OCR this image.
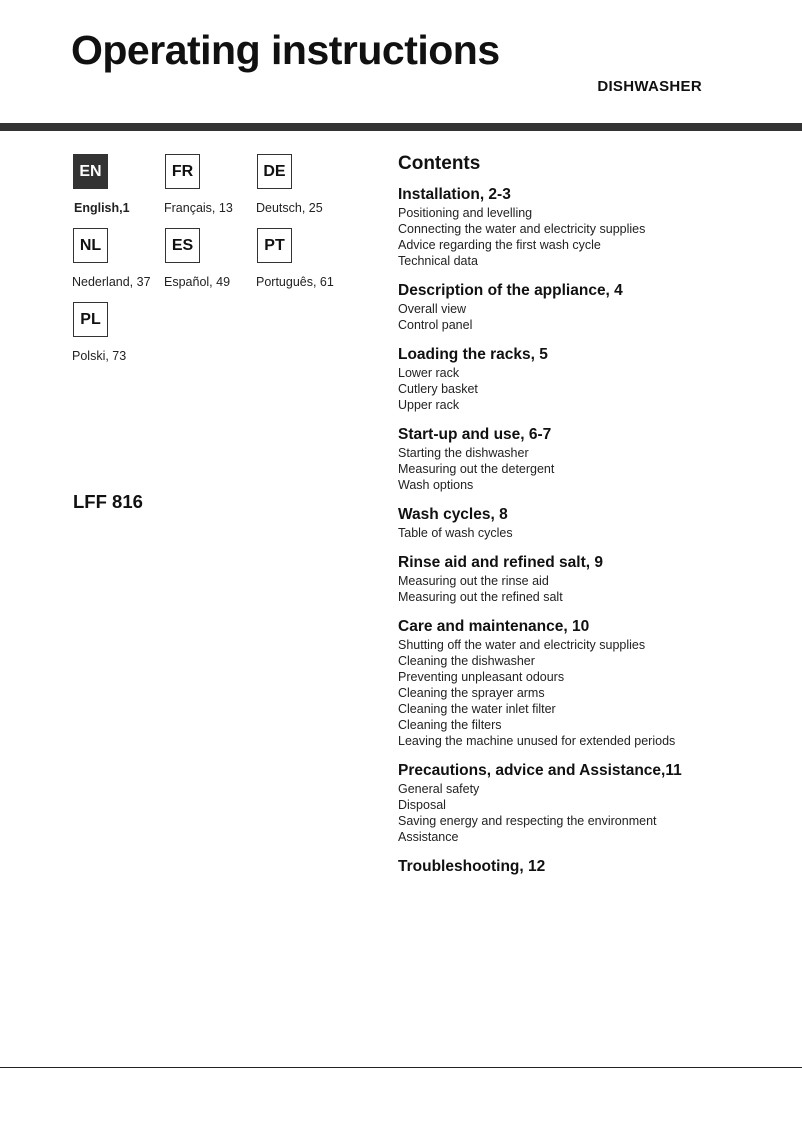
Operating instructions
DISHWASHER
EN
English,1
FR
Français, 13
DE
Deutsch, 25
NL
Nederland, 37
ES
Español, 49
PT
Português, 61
PL
Polski, 73
LFF 816
Contents
Installation, 2-3
Positioning and levelling
Connecting the water and electricity supplies
Advice regarding the first wash cycle
Technical data
Description of the appliance, 4
Overall view
Control panel
Loading the racks, 5
Lower rack
Cutlery basket
Upper rack
Start-up and use, 6-7
Starting the dishwasher
Measuring out the detergent
Wash options
Wash cycles, 8
Table of wash cycles
Rinse aid and refined salt, 9
Measuring out the rinse aid
Measuring out the refined salt
Care and maintenance, 10
Shutting off the water and electricity supplies
Cleaning the dishwasher
Preventing unpleasant odours
Cleaning the sprayer arms
Cleaning the water inlet filter
Cleaning the filters
Leaving the machine unused for extended periods
Precautions, advice and Assistance,11
General safety
Disposal
Saving energy and respecting the environment
Assistance
Troubleshooting, 12
